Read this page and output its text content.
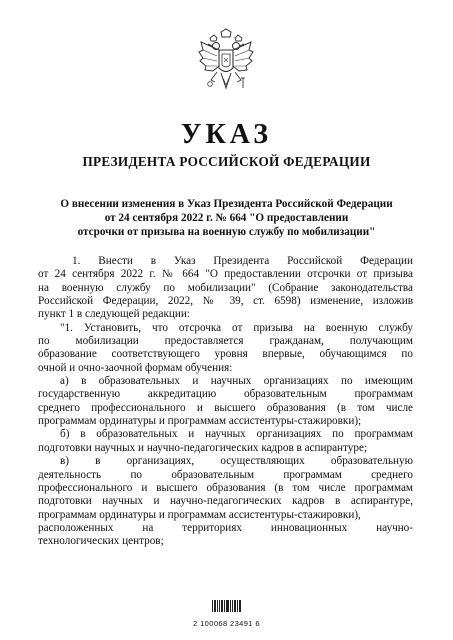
УКАЗ
ПРЕЗИДЕНТА РОССИЙСКОЙ ФЕДЕРАЦИИ
О внесении изменения в Указ Президента Российской Федерации
от 24 сентября 2022 г. № 664 "О предоставлении
отсрочки от призыва на военную службу по мобилизации"
1. Внести в Указ Президента Российской Федерации
от 24 сентября 2022 г. № 664 "О предоставлении отсрочки от призыва
на военную службу по мобилизации" (Собрание законодательства
Российской Федерации, 2022, № 39, ст. 6598) изменение, изложив
пункт 1 в следующей редакции:
"1. Установить, что отсрочка от призыва на военную службу
по мобилизации предоставляется гражданам, получающим
образование соответствующего уровня впервые, обучающимся по
очной и очно-заочной формам обучения:
а) в образовательных и научных организациях по имеющим
государственную аккредитацию образовательным программам
среднего профессионального и высшего образования (в том числе
программам ординатуры и программам ассистентуры-стажировки);
б) в образовательных и научных организациях по программам
подготовки научных и научно-педагогических кадров в аспирантуре;
в) в организациях, осуществляющих образовательную
деятельность по образовательным программам среднего
профессионального и высшего образования (в том числе программам
подготовки научных и научно-педагогических кадров в аспирантуре,
программам ординатуры и программам ассистентуры-стажировки),
расположенных на территориях инновационных научно-
технологических центров;
2 100068 23491 6
